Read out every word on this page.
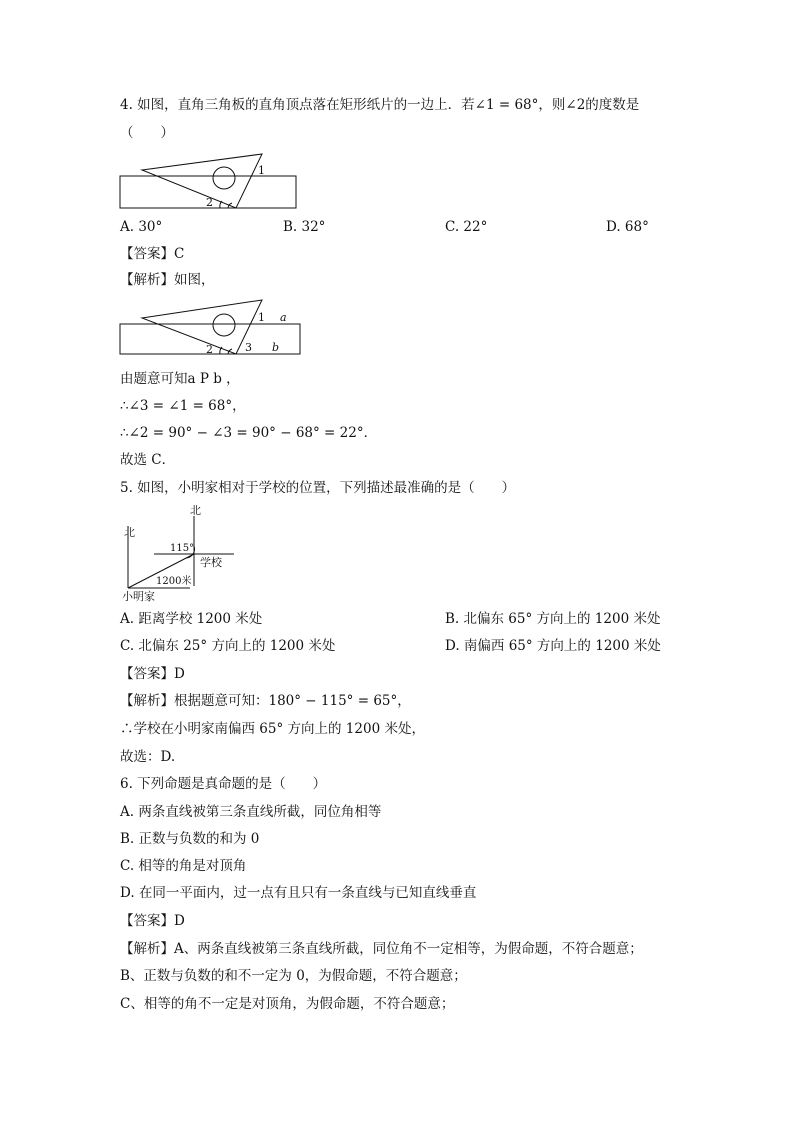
4. 如图，直角三角板的直角顶点落在矩形纸片的一边上．若∠1 = 68°，则∠2的度数是
（　　）
1
2
A. 30°	B. 32°	C. 22°	D. 68°
【答案】C
【解析】如图，
1
2	3
a
b
由题意可知a P b ，
∴∠3 = ∠1 = 68°，
∴∠2 = 90° − ∠3 = 90° − 68° = 22°．
故选 C．
5. 如图，小明家相对于学校的位置，下列描述最准确的是（　　）
北
北
115°
学校
1200米
小明家
A. 距离学校 1200 米处	B. 北偏东 65° 方向上的 1200 米处
C. 北偏东 25° 方向上的 1200 米处	D. 南偏西 65° 方向上的 1200 米处
【答案】D
【解析】根据题意可知：180° − 115° = 65°，
∴学校在小明家南偏西 65° 方向上的 1200 米处，
故选：D.
6. 下列命题是真命题的是（　　）
A. 两条直线被第三条直线所截，同位角相等
B. 正数与负数的和为 0
C. 相等的角是对顶角
D. 在同一平面内，过一点有且只有一条直线与已知直线垂直
【答案】D
【解析】A、两条直线被第三条直线所截，同位角不一定相等，为假命题，不符合题意；
B、正数与负数的和不一定为 0，为假命题，不符合题意；
C、相等的角不一定是对顶角，为假命题，不符合题意；
